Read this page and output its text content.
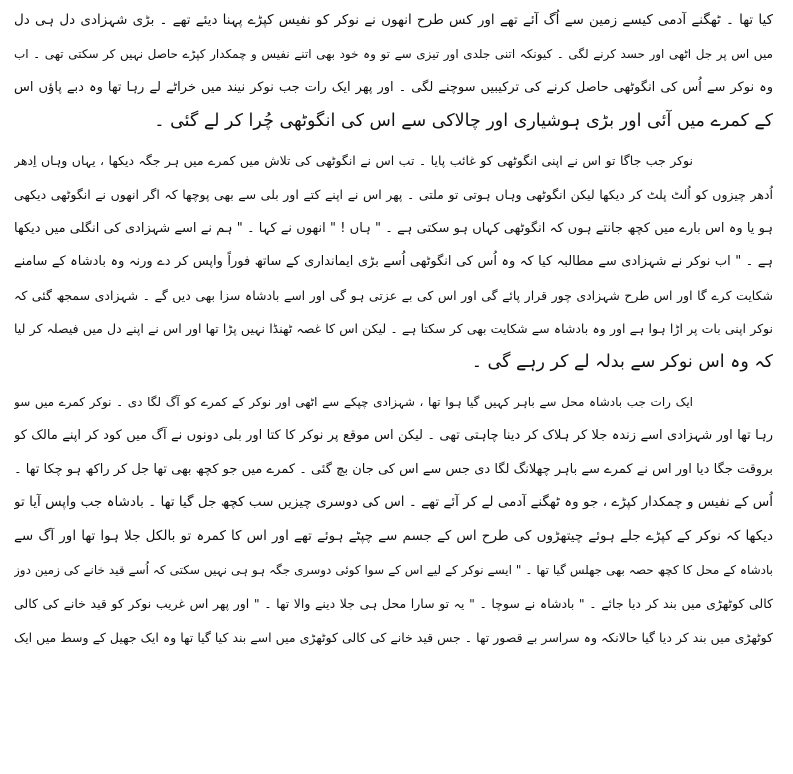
کیا تھا ۔ ٹھگنے آدمی کیسے زمین سے اُگ آئے تھے اور کس طرح انھوں نے نوکر کو نفیس کپڑے پہنا دیئے تھے ۔ بڑی شہزادی دل ہی دل
میں اس پر جل اٹھی اور حسد کرنے لگی ۔ کیونکہ اتنی جلدی اور تیزی سے تو وہ خود بھی اتنے نفیس و چمکدار کپڑے حاصل نہیں کر سکتی تھی ۔ اب
وہ نوکر سے اُس کی انگوٹھی حاصل کرنے کی ترکیبیں سوچنے لگی ۔ اور پھر ایک رات جب نوکر نیند میں خراٹے لے رہا تھا وہ دبے پاؤں اس
کے کمرے میں آئی اور بڑی ہوشیاری اور چالاکی سے اس کی انگوٹھی چُرا کر لے گئی ۔
نوکر جب جاگا تو اس نے اپنی انگوٹھی کو غائب پایا ۔ تب اس نے انگوٹھی کی تلاش میں کمرے میں ہر جگہ دیکھا ، یہاں وہاں اِدھر
اُدھر چیزوں کو اُلٹ پلٹ کر دیکھا لیکن انگوٹھی وہاں ہوتی تو ملتی ۔ پھر اس نے اپنے کتے اور بلی سے بھی پوچھا کہ اگر انھوں نے انگوٹھی دیکھی
ہو یا وہ اس بارے میں کچھ جانتے ہوں کہ انگوٹھی کہاں ہو سکتی ہے ۔ " ہاں ! " انھوں نے کہا ۔ " ہم نے اسے شہزادی کی انگلی میں دیکھا
ہے ۔ " اب نوکر نے شہزادی سے مطالبہ کیا کہ وہ اُس کی انگوٹھی اُسے بڑی ایمانداری کے ساتھ فوراً واپس کر دے ورنہ وہ بادشاہ کے سامنے
شکایت کرے گا اور اس طرح شہزادی چور قرار پائے گی اور اس کی بے عزتی ہو گی اور اسے بادشاہ سزا بھی دیں گے ۔ شہزادی سمجھ گئی کہ
نوکر اپنی بات پر اڑا ہوا ہے اور وہ بادشاہ سے شکایت بھی کر سکتا ہے ۔ لیکن اس کا غصہ ٹھنڈا نہیں پڑا تھا اور اس نے اپنے دل میں فیصلہ کر لیا
کہ وہ اس نوکر سے بدلہ لے کر رہے گی ۔
ایک رات جب بادشاہ محل سے باہر کہیں گیا ہوا تھا ، شہزادی چپکے سے اٹھی اور نوکر کے کمرے کو آگ لگا دی ۔ نوکر کمرے میں سو
رہا تھا اور شہزادی اسے زندہ جلا کر ہلاک کر دینا چاہتی تھی ۔ لیکن اس موقع پر نوکر کا کتا اور بلی دونوں نے آگ میں کود کر اپنے مالک کو
بروقت جگا دیا اور اس نے کمرے سے باہر چھلانگ لگا دی جس سے اس کی جان بچ گئی ۔ کمرے میں جو کچھ بھی تھا جل کر راکھ ہو چکا تھا ۔
اُس کے نفیس و چمکدار کپڑے ، جو وہ ٹھگنے آدمی لے کر آئے تھے ۔ اس کی دوسری چیزیں سب کچھ جل گیا تھا ۔ بادشاہ جب واپس آیا تو
دیکھا کہ نوکر کے کپڑے جلے ہوئے چیتھڑوں کی طرح اس کے جسم سے چپٹے ہوئے تھے اور اس کا کمرہ تو بالکل جلا ہوا تھا اور آگ سے
بادشاہ کے محل کا کچھ حصہ بھی جھلس گیا تھا ۔ " ایسے نوکر کے لیے اس کے سوا کوئی دوسری جگہ ہو ہی نہیں سکتی کہ اُسے قید خانے کی زمین دوز
کالی کوٹھڑی میں بند کر دیا جائے ۔ " بادشاہ نے سوچا ۔ " یہ تو سارا محل ہی جلا دینے والا تھا ۔ " اور پھر اس غریب نوکر کو قید خانے کی کالی
کوٹھڑی میں بند کر دیا گیا حالانکہ وہ سراسر بے قصور تھا ۔ جس قید خانے کی کالی کوٹھڑی میں اسے بند کیا گیا تھا وہ ایک جھیل کے وسط میں ایک
